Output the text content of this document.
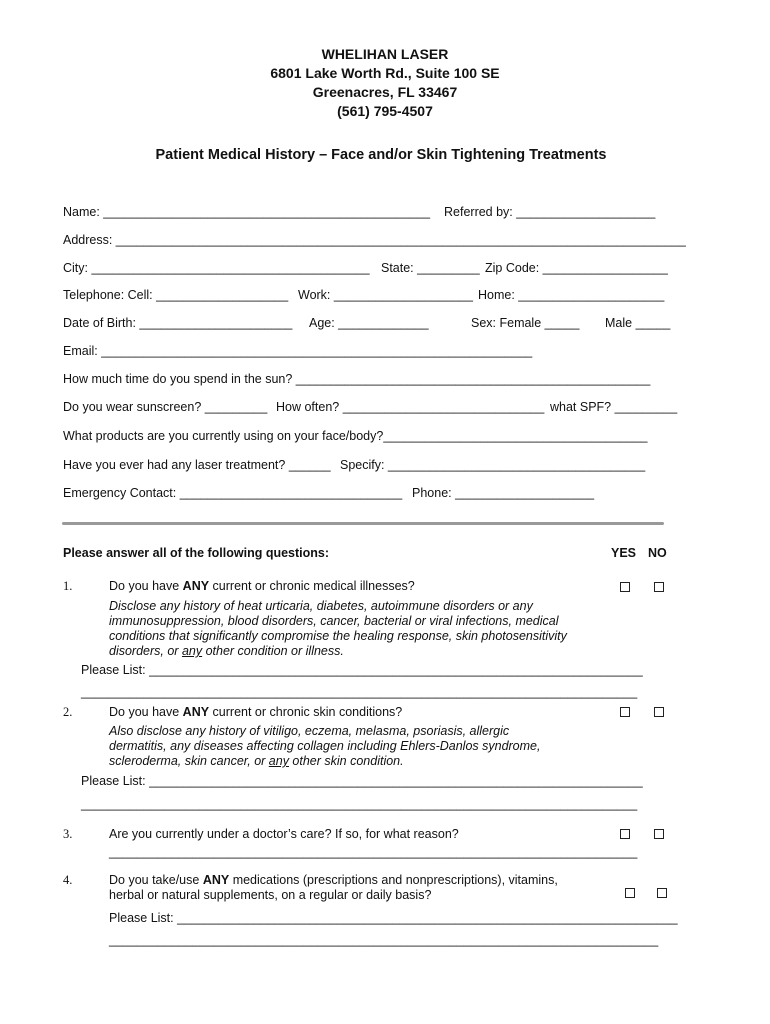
WHELIHAN LASER
6801 Lake Worth Rd., Suite 100 SE
Greenacres, FL 33467
(561) 795-4507
Patient Medical History – Face and/or Skin Tightening Treatments
Name: _______________________________________________ Referred by: ____________________
Address: __________________________________________________________________________________
City: ________________________________________ State: _________ Zip Code: __________________
Telephone: Cell: ___________________ Work: ____________________ Home: _____________________
Date of Birth: ______________________ Age: _____________	Sex: Female _____ Male _____
Email: ______________________________________________________________
How much time do you spend in the sun? ___________________________________________________
Do you wear sunscreen? _________ How often? _____________________________ what SPF? _________
What products are you currently using on your face/body?______________________________________
Have you ever had any laser treatment? ______ Specify: _____________________________________
Emergency Contact: ________________________________ Phone: ____________________
Please answer all of the following questions:	YES NO
1.	Do you have ANY current or chronic medical illnesses?
Disclose any history of heat urticaria, diabetes, autoimmune disorders or any immunosuppression, blood disorders, cancer, bacterial or viral infections, medical conditions that significantly compromise the healing response, skin photosensitivity disorders, or any other condition or illness.
Please List: _______________________________________________________________________
________________________________________________________________________________
2.	Do you have ANY current or chronic skin conditions?
Also disclose any history of vitiligo, eczema, melasma, psoriasis, allergic dermatitis, any diseases affecting collagen including Ehlers-Danlos syndrome, scleroderma, skin cancer, or any other skin condition.
Please List: _______________________________________________________________________
________________________________________________________________________________
3.	Are you currently under a doctor’s care? If so, for what reason?
____________________________________________________________________________
4.	Do you take/use ANY medications (prescriptions and nonprescriptions), vitamins,
herbal or natural supplements, on a regular or daily basis?
Please List: ________________________________________________________________________
_______________________________________________________________________________
